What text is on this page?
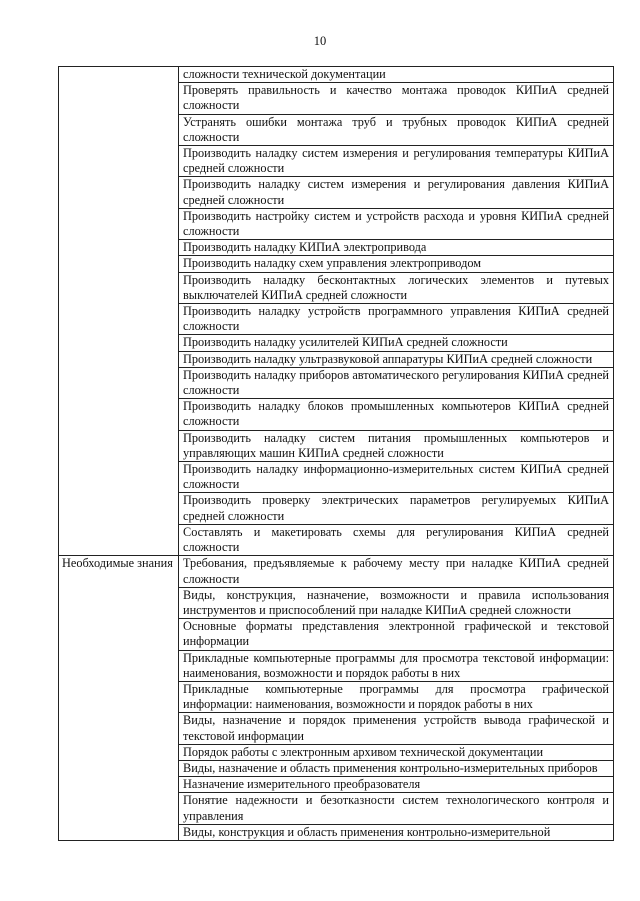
10

	сложности технической документации

	Проверять правильность и качество монтажа проводок КИПиА средней сложности

	Устранять ошибки монтажа труб и трубных проводок КИПиА средней сложности

	Производить наладку систем измерения и регулирования температуры КИПиА средней сложности

	Производить наладку систем измерения и регулирования давления КИПиА средней сложности

	Производить настройку систем и устройств расхода и уровня КИПиА средней сложности

	Производить наладку КИПиА электропривода

	Производить наладку схем управления электроприводом

	Производить наладку бесконтактных логических элементов и путевых выключателей КИПиА средней сложности

	Производить наладку устройств программного управления КИПиА средней сложности

	Производить наладку усилителей КИПиА средней сложности

	Производить наладку ультразвуковой аппаратуры КИПиА средней сложности

	Производить наладку приборов автоматического регулирования КИПиА средней сложности

	Производить наладку блоков промышленных компьютеров КИПиА средней сложности

	Производить наладку систем питания промышленных компьютеров и управляющих машин КИПиА средней сложности

	Производить наладку информационно-измерительных систем КИПиА средней сложности

	Производить проверку электрических параметров регулируемых КИПиА средней сложности

	Составлять и макетировать схемы для регулирования КИПиА средней сложности

Необходимые знания	Требования, предъявляемые к рабочему месту при наладке КИПиА средней сложности

	Виды, конструкция, назначение, возможности и правила использования инструментов и приспособлений при наладке КИПиА средней сложности

	Основные форматы представления электронной графической и текстовой информации

	Прикладные компьютерные программы для просмотра текстовой информации: наименования, возможности и порядок работы в них

	Прикладные компьютерные программы для просмотра графической информации: наименования, возможности и порядок работы в них

	Виды, назначение и порядок применения устройств вывода графической и текстовой информации

	Порядок работы с электронным архивом технической документации

	Виды, назначение и область применения контрольно-измерительных приборов

	Назначение измерительного преобразователя

	Понятие надежности и безотказности систем технологического контроля и управления

	Виды, конструкция и область применения контрольно-измерительной
